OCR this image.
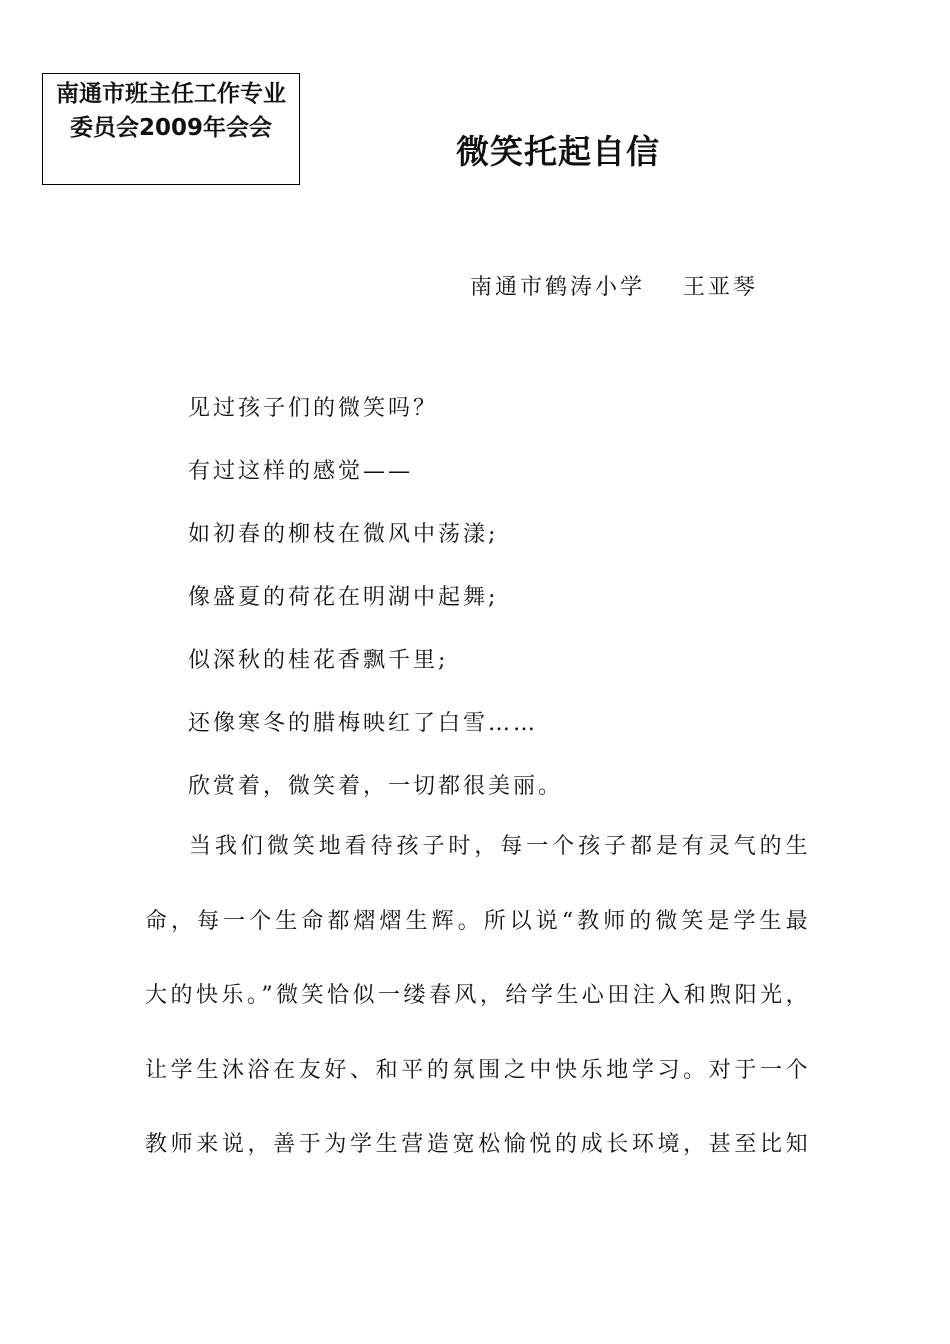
南通市班主任工作专业委员会2009年会会
微笑托起自信
南通市鹤涛小学 王亚琴
见过孩子们的微笑吗？
有过这样的感觉——
如初春的柳枝在微风中荡漾;
像盛夏的荷花在明湖中起舞;
似深秋的桂花香飘千里;
还像寒冬的腊梅映红了白雪……
欣赏着，微笑着，一切都很美丽。
当我们微笑地看待孩子时，每一个孩子都是有灵气的生
命，每一个生命都熠熠生辉。所以说“教师的微笑是学生最
大的快乐。”微笑恰似一缕春风，给学生心田注入和煦阳光，
让学生沐浴在友好、和平的氛围之中快乐地学习。对于一个
教师来说，善于为学生营造宽松愉悦的成长环境，甚至比知
